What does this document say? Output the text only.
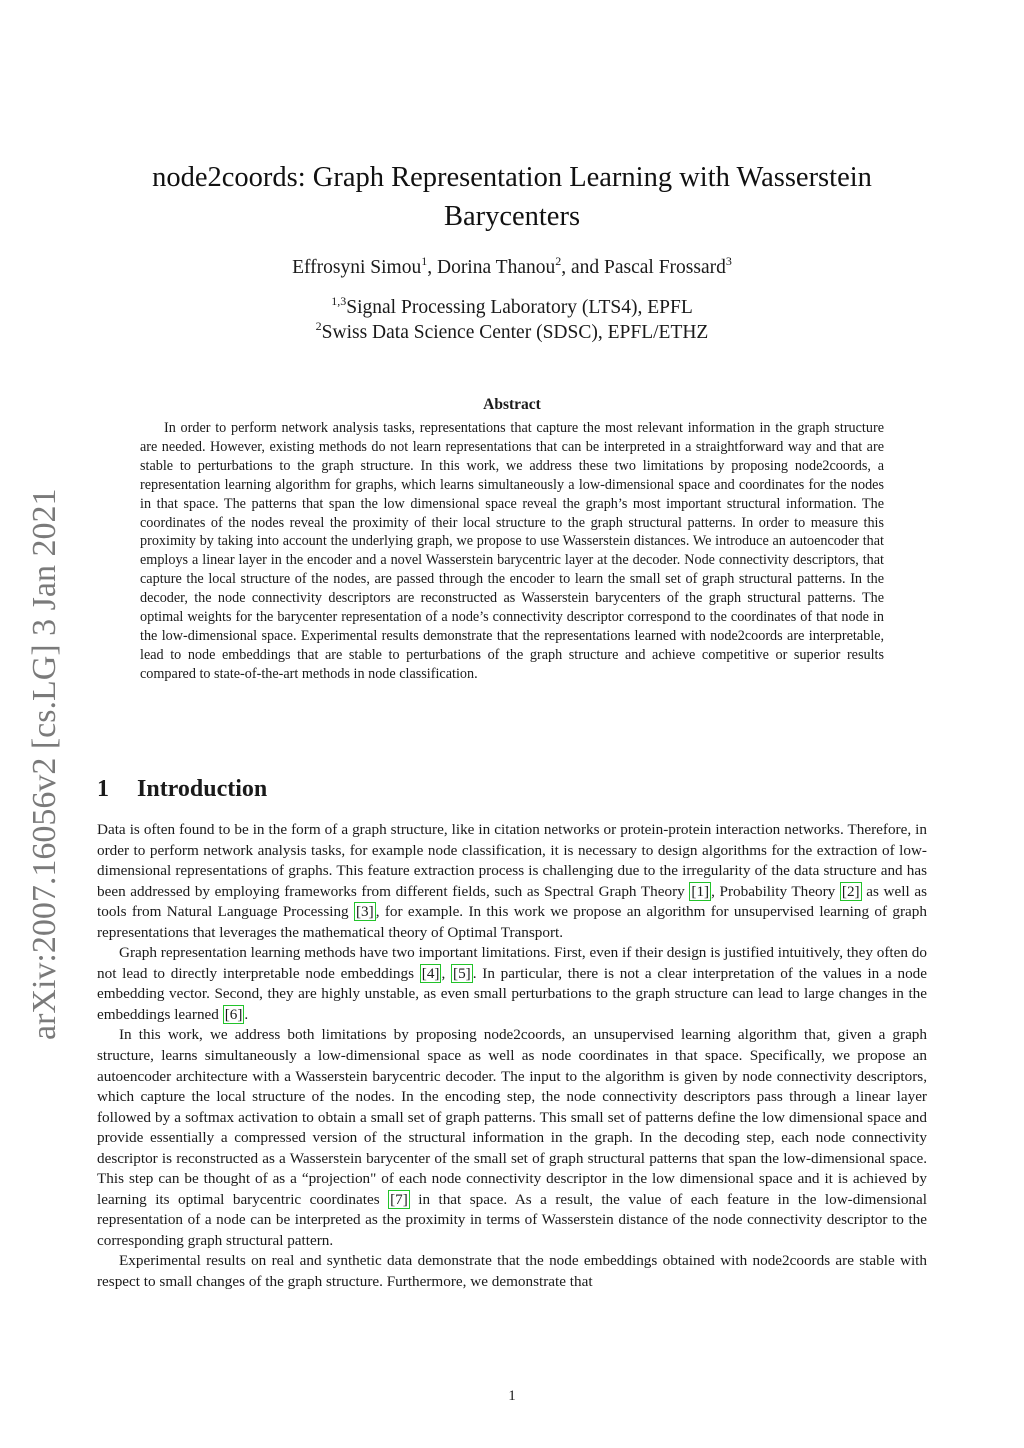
arXiv:2007.16056v2 [cs.LG] 3 Jan 2021
node2coords: Graph Representation Learning with Wasserstein Barycenters
Effrosyni Simou$^1$, Dorina Thanou$^2$, and Pascal Frossard$^3$
$^{1,3}$Signal Processing Laboratory (LTS4), EPFL
$^2$Swiss Data Science Center (SDSC), EPFL/ETHZ
Abstract
In order to perform network analysis tasks, representations that capture the most relevant information in the graph structure are needed. However, existing methods do not learn representations that can be interpreted in a straightforward way and that are stable to perturbations to the graph structure. In this work, we address these two limitations by proposing node2coords, a representation learning algorithm for graphs, which learns simultaneously a low-dimensional space and coordinates for the nodes in that space. The patterns that span the low dimensional space reveal the graph’s most important structural information. The coordinates of the nodes reveal the proximity of their local structure to the graph structural patterns. In order to measure this proximity by taking into account the underlying graph, we propose to use Wasserstein distances. We introduce an autoencoder that employs a linear layer in the encoder and a novel Wasserstein barycentric layer at the decoder. Node connectivity descriptors, that capture the local structure of the nodes, are passed through the encoder to learn the small set of graph structural patterns. In the decoder, the node connectivity descriptors are reconstructed as Wasserstein barycenters of the graph structural patterns. The optimal weights for the barycenter representation of a node’s connectivity descriptor correspond to the coordinates of that node in the low-dimensional space. Experimental results demonstrate that the representations learned with node2coords are interpretable, lead to node embeddings that are stable to perturbations of the graph structure and achieve competitive or superior results compared to state-of-the-art methods in node classification.
1 Introduction

Data is often found to be in the form of a graph structure, like in citation networks or protein-protein interaction networks. Therefore, in order to perform network analysis tasks, for example node classification, it is necessary to design algorithms for the extraction of low-dimensional representations of graphs. This feature extraction process is challenging due to the irregularity of the data structure and has been addressed by employing frameworks from different fields, such as Spectral Graph Theory [1] , Probability Theory [2] as well as tools from Natural Language Processing [3] , for example. In this work we propose an algorithm for unsupervised learning of graph representations that leverages the mathematical theory of Optimal Transport.

Graph representation learning methods have two important limitations. First, even if their design is justified intuitively, they often do not lead to directly interpretable node embeddings [4] , [5] . In particular, there is not a clear interpretation of the values in a node embedding vector. Second, they are highly unstable, as even small perturbations to the graph structure can lead to large changes in the embeddings learned [6] .

In this work, we address both limitations by proposing node2coords, an unsupervised learning algorithm that, given a graph structure, learns simultaneously a low-dimensional space as well as node coordinates in that space. Specifically, we propose an autoencoder architecture with a Wasserstein barycentric decoder. The input to the algorithm is given by node connectivity descriptors, which capture the local structure of the nodes. In the encoding step, the node connectivity descriptors pass through a linear layer followed by a softmax activation to obtain a small set of graph patterns. This small set of patterns define the low dimensional space and provide essentially a compressed version of the structural information in the graph. In the decoding step, each node connectivity descriptor is reconstructed as a Wasserstein barycenter of the small set of graph structural patterns that span the low-dimensional space. This step can be thought of as a “projection" of each node connectivity descriptor in the low dimensional space and it is achieved by learning its optimal barycentric coordinates [7] in that space. As a result, the value of each feature in the low-dimensional representation of a node can be interpreted as the proximity in terms of Wasserstein distance of the node connectivity descriptor to the corresponding graph structural pattern.

Experimental results on real and synthetic data demonstrate that the node embeddings obtained with node2coords are stable with respect to small changes of the graph structure. Furthermore, we demonstrate that

1
